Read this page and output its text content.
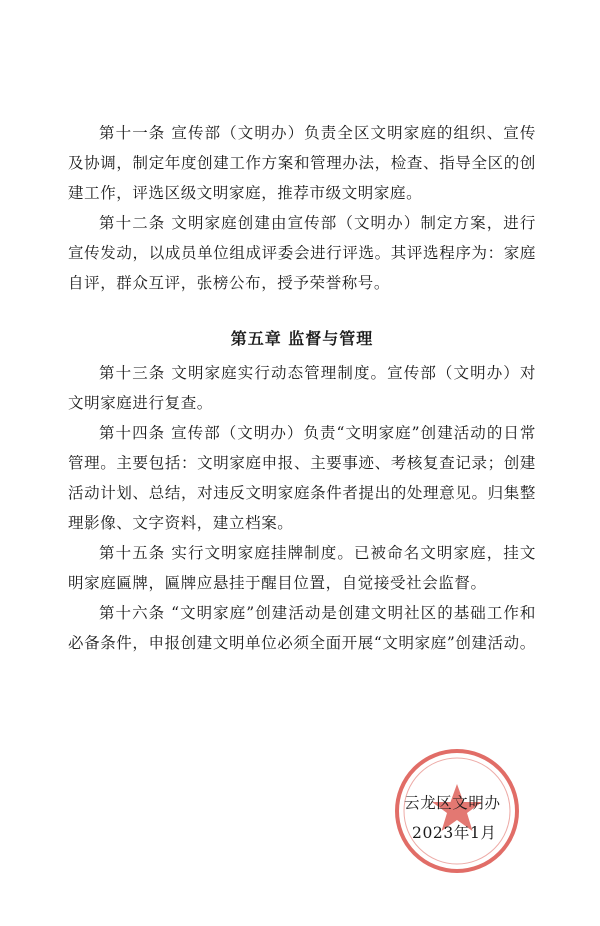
第十一条 宣传部（文明办）负责全区文明家庭的组织、宣传及协调，制定年度创建工作方案和管理办法，检查、指导全区的创建工作，评选区级文明家庭，推荐市级文明家庭。

第十二条 文明家庭创建由宣传部（文明办）制定方案，进行宣传发动，以成员单位组成评委会进行评选。其评选程序为：家庭自评，群众互评，张榜公布，授予荣誉称号。

第五章 监督与管理

第十三条 文明家庭实行动态管理制度。宣传部（文明办）对文明家庭进行复查。

第十四条 宣传部（文明办）负责“文明家庭”创建活动的日常管理。主要包括：文明家庭申报、主要事迹、考核复查记录；创建活动计划、总结，对违反文明家庭条件者提出的处理意见。归集整理影像、文字资料，建立档案。

第十五条 实行文明家庭挂牌制度。已被命名文明家庭，挂文明家庭匾牌，匾牌应悬挂于醒目位置，自觉接受社会监督。

第十六条 “文明家庭”创建活动是创建文明社区的基础工作和必备条件，申报创建文明单位必须全面开展“文明家庭”创建活动。

云龙区文明办
2023年1月
